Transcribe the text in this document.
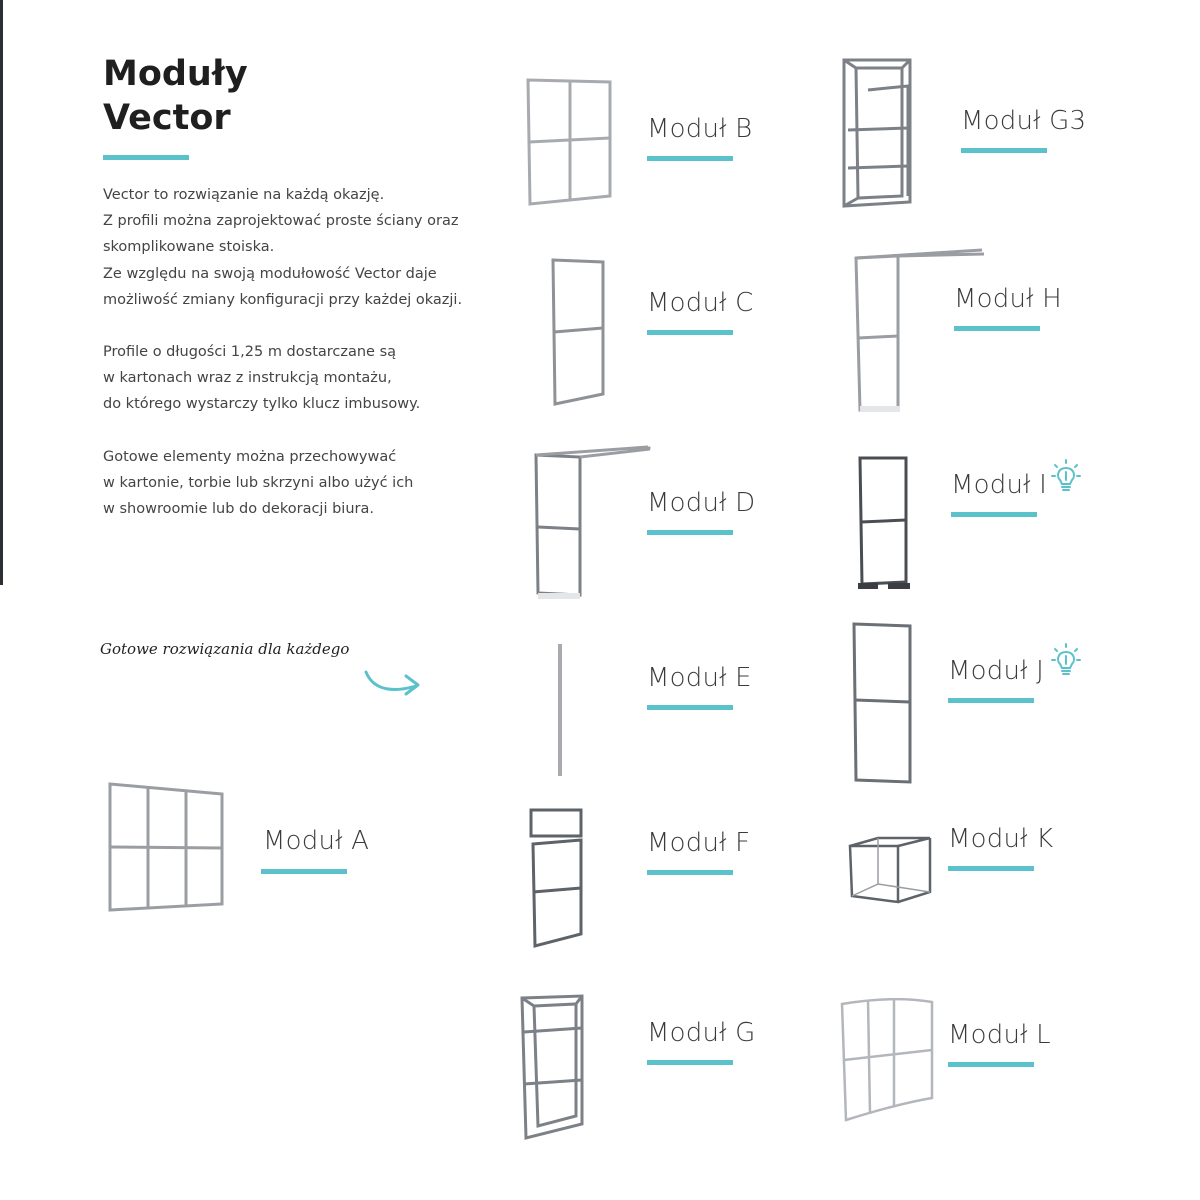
Moduły
Vector

Vector to rozwiązanie na każdą okazję.
Z profili można zaprojektować proste ściany oraz
skomplikowane stoiska.
Ze względu na swoją modułowość Vector daje
możliwość zmiany konfiguracji przy każdej okazji.

Profile o długości 1,25 m dostarczane są
w kartonach wraz z instrukcją montażu,
do którego wystarczy tylko klucz imbusowy.

Gotowe elementy można przechowywać
w kartonie, torbie lub skrzyni albo użyć ich
w showroomie lub do dekoracji biura.

Gotowe rozwiązania dla każdego
Moduł A
Moduł B
Moduł C
Moduł D
Moduł E
Moduł F
Moduł G
Moduł G3
Moduł H
Moduł I
Moduł J
Moduł K
Moduł L
